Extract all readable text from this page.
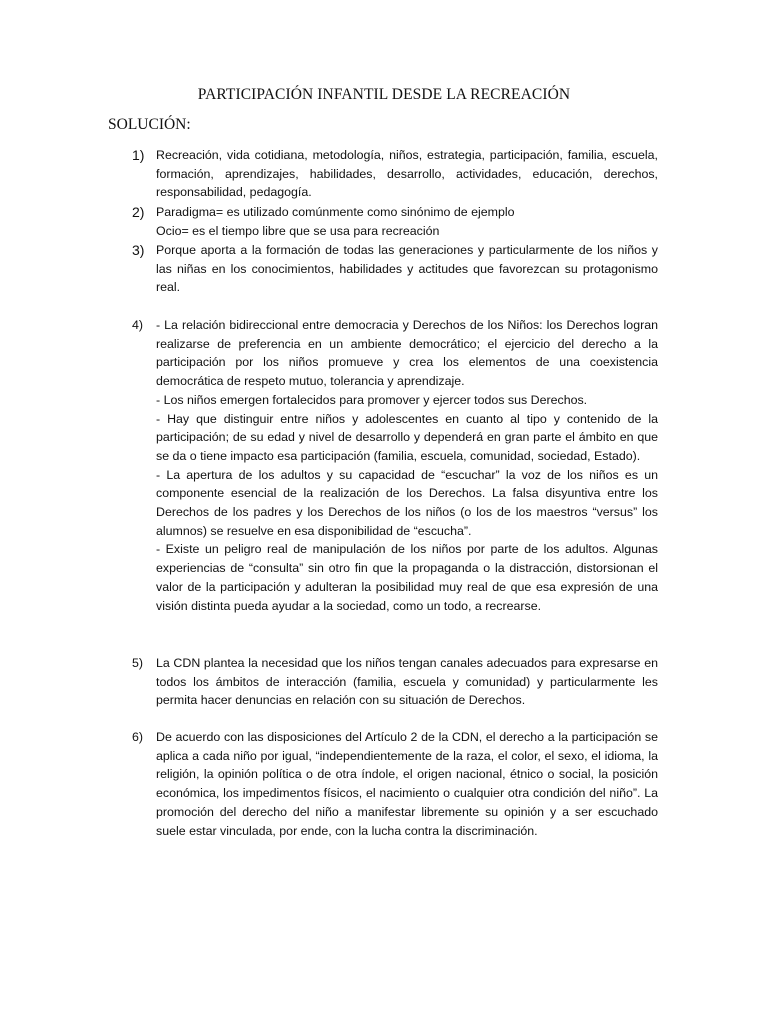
PARTICIPACIÓN INFANTIL DESDE LA RECREACIÓN
SOLUCIÓN:
1) Recreación, vida cotidiana, metodología, niños, estrategia, participación, familia, escuela, formación, aprendizajes, habilidades, desarrollo, actividades, educación, derechos, responsabilidad, pedagogía.

2) Paradigma= es utilizado comúnmente como sinónimo de ejemplo

Ocio= es el tiempo libre que se usa para recreación

3) Porque aporta a la formación de todas las generaciones y particularmente de los niños y las niñas en los conocimientos, habilidades y actitudes que favorezcan su protagonismo real.

4)	- La relación bidireccional entre democracia y Derechos de los Niños: los Derechos logran realizarse de preferencia en un ambiente democrático; el ejercicio del derecho a la participación por los niños promueve y crea los elementos de una coexistencia democrática de respeto mutuo, tolerancia y aprendizaje.

- Los niños emergen fortalecidos para promover y ejercer todos sus Derechos.

- Hay que distinguir entre niños y adolescentes en cuanto al tipo y contenido de la participación; de su edad y nivel de desarrollo y dependerá en gran parte el ámbito en que se da o tiene impacto esa participación (familia, escuela, comunidad, sociedad, Estado).

- La apertura de los adultos y su capacidad de “escuchar” la voz de los niños es un componente esencial de la realización de los Derechos. La falsa disyuntiva entre los Derechos de los padres y los Derechos de los niños (o los de los maestros “versus” los alumnos) se resuelve en esa disponibilidad de “escucha”.

- Existe un peligro real de manipulación de los niños por parte de los adultos. Algunas experiencias de “consulta” sin otro fin que la propaganda o la distracción, distorsionan el valor de la participación y adulteran la posibilidad muy real de que esa expresión de una visión distinta pueda ayudar a la sociedad, como un todo, a recrearse.

5)	La CDN plantea la necesidad que los niños tengan canales adecuados para expresarse en todos los ámbitos de interacción (familia, escuela y comunidad) y particularmente les permita hacer denuncias en relación con su situación de Derechos.

6)	De acuerdo con las disposiciones del Artículo 2 de la CDN, el derecho a la participación se aplica a cada niño por igual, “independientemente de la raza, el color, el sexo, el idioma, la religión, la opinión política o de otra índole, el origen nacional, étnico o social, la posición económica, los impedimentos físicos, el nacimiento o cualquier otra condición del niño”. La promoción del derecho del niño a manifestar libremente su opinión y a ser escuchado suele estar vinculada, por ende, con la lucha contra la discriminación.
